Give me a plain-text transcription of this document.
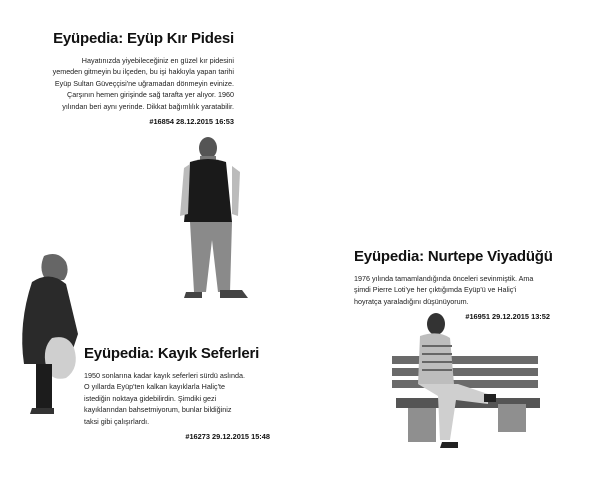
Eyüpedia: Eyüp Kır Pidesi

Hayatınızda yiyebileceğiniz en güzel kır pidesini

yemeden gitmeyin bu ilçeden, bu işi hakkıyla yapan tarihi

Eyüp Sultan Güveççisi'ne uğramadan dönmeyin evinize.

Çarşının hemen girişinde sağ tarafta yer alıyor. 1960

yılından beri aynı yerinde. Dikkat bağımlılık yaratabilir.

#16854 28.12.2015 16:53
Eyüpedia: Nurtepe Viyadüğü

1976 yılında tamamlandığında önceleri sevinmiştik. Ama

şimdi Pierre Loti'ye her çıktığımda Eyüp'ü ve Haliç'i

hoyratça yaraladığını düşünüyorum.

#16951 29.12.2015 13:52
Eyüpedia: Kayık Seferleri

1950 sonlarına kadar kayık seferleri sürdü aslında.

O yıllarda Eyüp'ten kalkan kayıklarla Haliç'te

istediğin noktaya gidebilirdin. Şimdiki gezi

kayıklarından bahsetmiyorum, bunlar bildiğiniz

taksi gibi çalışırlardı.

#16273 29.12.2015 15:48
